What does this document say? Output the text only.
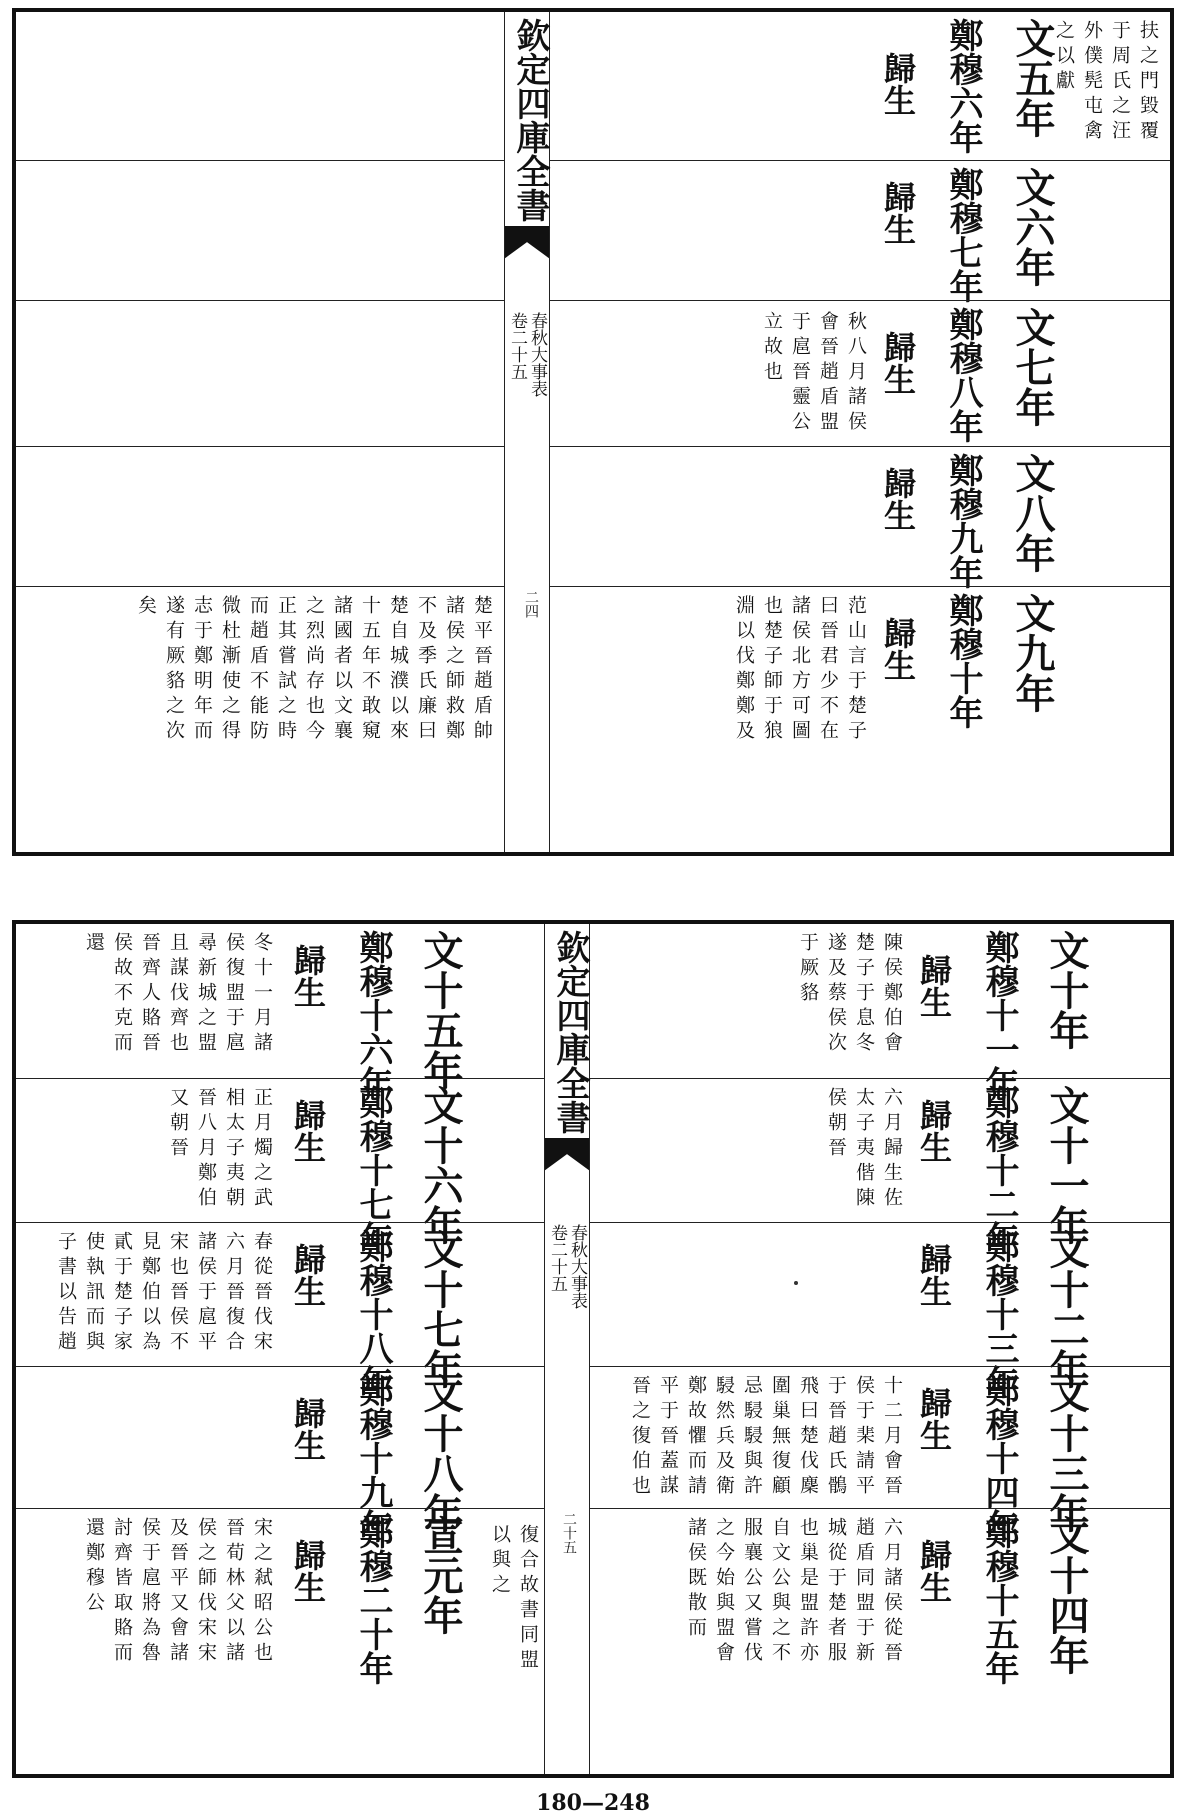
楚平晉趙盾帥諸侯之師救鄭不及季氏廉曰楚自城濮以來十五年不敢窺諸國者以文襄之烈尚存也今正其嘗試之時而趙盾不能防微杜漸使之得志于鄭明年而遂有厥貉之次矣
欽定四庫全書
春秋大事表
卷二十五
二四
文五年
鄭穆六年
歸生	扶之門毀覆于周氏之汪外僕髡屯禽之以獻
文六年
鄭穆七年
歸生
文七年
鄭穆八年
歸生
秋八月諸侯會晉趙盾盟于扈晉靈公立故也
文八年
鄭穆九年
歸生
文九年
鄭穆十年
歸生
范山言于楚子曰晉君少不在諸侯北方可圖也楚子師于狼淵以伐鄭鄭及
文十五年
鄭穆十六年
歸生
冬十一月諸侯復盟于扈尋新城之盟且謀伐齊也晉齊人賂晉侯故不克而還
文十六年
鄭穆十七年
歸生
正月燭之武相太子夷朝晉八月鄭伯又朝晉
文十七年
鄭穆十八年
歸生
春從晉伐宋六月晉復合諸侯于扈平宋也晉侯不見鄭伯以為貳于楚子家使執訊而與子書以告趙
文十八年
鄭穆十九年
歸生
宣元年
鄭穆二十年
歸生
宋之弒昭公也晉荀林父以諸侯之師伐宋宋及晉平又會諸侯于扈將為魯討齊皆取賂而還鄭穆公
欽定四庫全書
春秋大事表
卷二十五
二十五
復合故書同盟以與之
文十年
鄭穆十一年
歸生
陳侯鄭伯會楚子于息冬遂及蔡侯次于厥貉
文十一年
鄭穆十二年
歸生
六月歸生佐太子夷偕陳侯朝晉
文十二年
鄭穆十三年
歸生
文十三年
鄭穆十四年
歸生
十二月會晉侯于棐請平于晉趙氏鶻飛曰楚伐麇圍巢無復顧忌駸駸與許駸然兵及衛鄭故懼而請平于晉蓋謀晉之復伯也
文十四年
鄭穆十五年
歸生
六月諸侯從晉趙盾同盟于新城從于楚者服也巢是盟許亦自文公與之不服襄公又嘗伐之今始與盟會諸侯既散而
180—248
